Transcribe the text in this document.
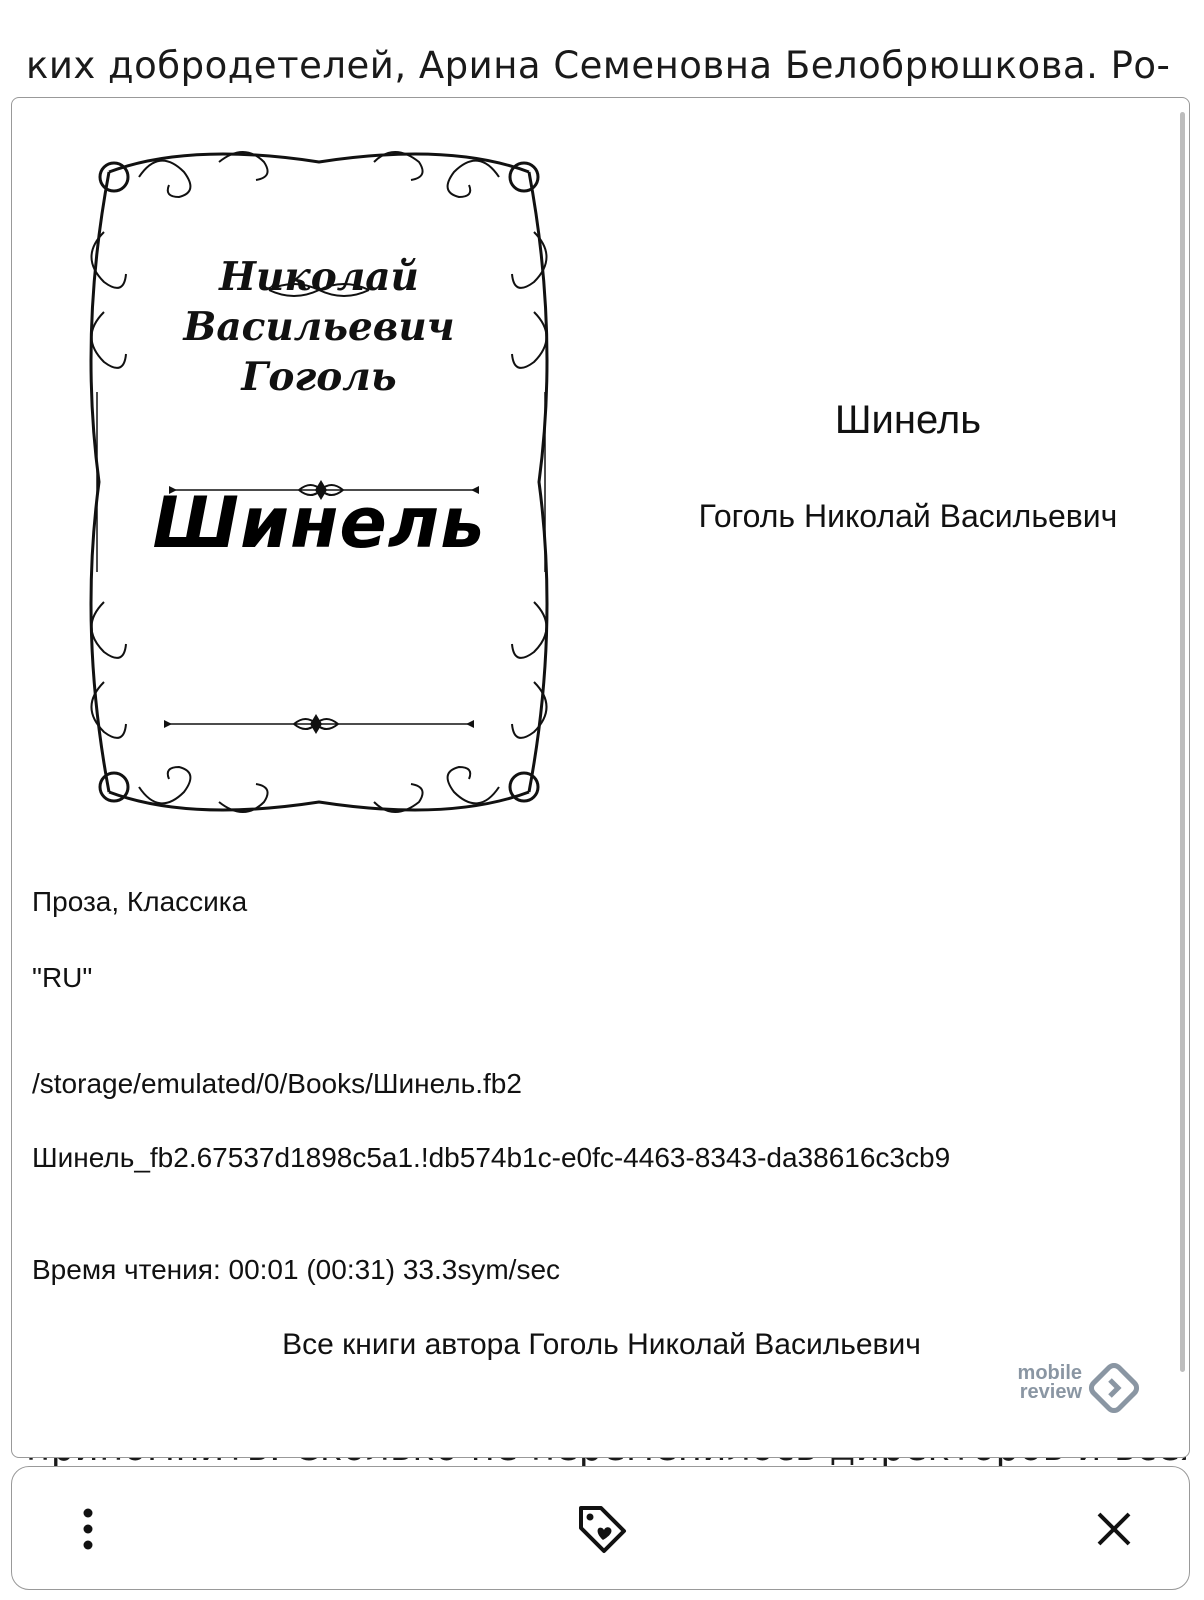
ких добродетелей, Арина Семеновна Белобрюшкова. Ро-
Николай
Васильевич
Гоголь
Шинель
Шинель
Гоголь Николай Васильевич
Проза, Классика
"RU"
/storage/emulated/0/Books/Шинель.fb2
Шинель_fb2.67537d1898c5a1.!db574b1c-e0fc-4463-8343-da38616c3cb9
Время чтения: 00:01 (00:31) 33.3sym/sec
Все книги автора Гоголь Николай Васильевич
mobile
review
